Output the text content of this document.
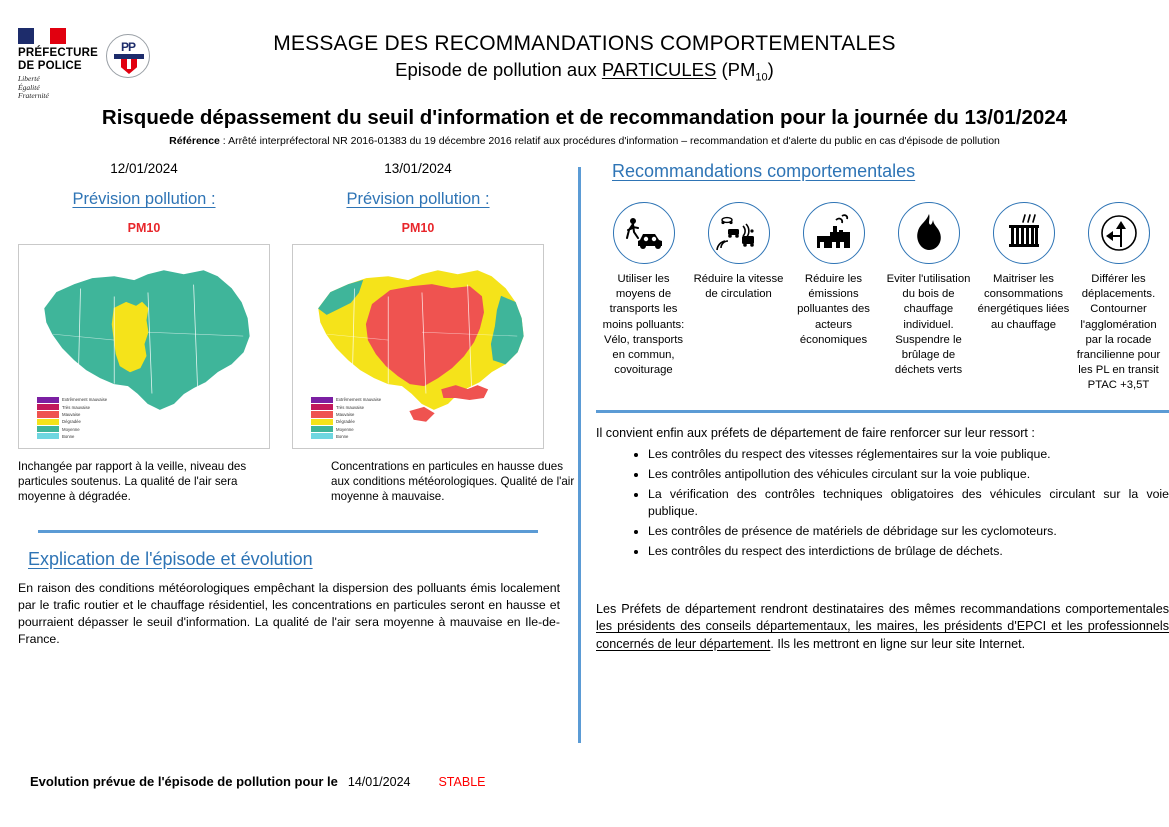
PRÉFECTURE
DE POLICE
Liberté
Égalité
Fraternité
PP	MESSAGE DES RECOMMANDATIONS COMPORTEMENTALES
Episode de pollution aux PARTICULES $(PM_{10})$
Risquede dépassement du seuil d'information et de recommandation pour la journée du 13/01/2024
Référence : Arrêté interpréfectoral NR 2016-01383 du 19 décembre 2016 relatif aux procédures d'information – recommandation et d'alerte du public en cas d'épisode de pollution
12/01/2024
Prévision pollution :
PM10
Extrêmement mauvaise
Très mauvaise
Mauvaise
Dégradée
Moyenne
Bonne
13/01/2024
Prévision pollution :
PM10
Extrêmement mauvaise
Très mauvaise
Mauvaise
Dégradée
Moyenne
Bonne
Inchangée par rapport à la veille, niveau des particules soutenus. La qualité de l'air sera moyenne à dégradée.
Concentrations en particules en hausse dues aux conditions météorologiques. Qualité de l'air moyenne à mauvaise.
Explication de l'épisode et évolution
En raison des conditions météorologiques empêchant la dispersion des polluants émis localement par le trafic routier et le chauffage résidentiel, les concentrations en particules seront en hausse et pourraient dépasser le seuil d'information. La qualité de l'air sera moyenne à mauvaise en Ile-de-France.
Recommandations comportementales
Utiliser les moyens de transports les moins polluants: Vélo, transports en commun, covoiturage
Réduire la vitesse de circulation
Réduire les émissions polluantes des acteurs économiques
Eviter l'utilisation du bois de chauffage individuel. Suspendre le brûlage de déchets verts
Maitriser les consommations énergétiques liées au chauffage
Différer les déplacements. Contourner l'agglomération par la rocade francilienne pour les PL en transit PTAC +3,5T
Il convient enfin aux préfets de département de faire renforcer sur leur ressort :
• Les contrôles du respect des vitesses réglementaires sur la voie publique.
• Les contrôles antipollution des véhicules circulant sur la voie publique.
• La vérification des contrôles techniques obligatoires des véhicules circulant sur la voie publique.
• Les contrôles de présence de matériels de débridage sur les cyclomoteurs.
• Les contrôles du respect des interdictions de brûlage de déchets.
Les Préfets de département rendront destinataires des mêmes recommandations comportementales les présidents des conseils départementaux, les maires, les présidents d'EPCI et les professionnels concernés de leur département. Ils les mettront en ligne sur leur site Internet.
Evolution prévue de l'épisode de pollution pour le 14/01/2024 STABLE
